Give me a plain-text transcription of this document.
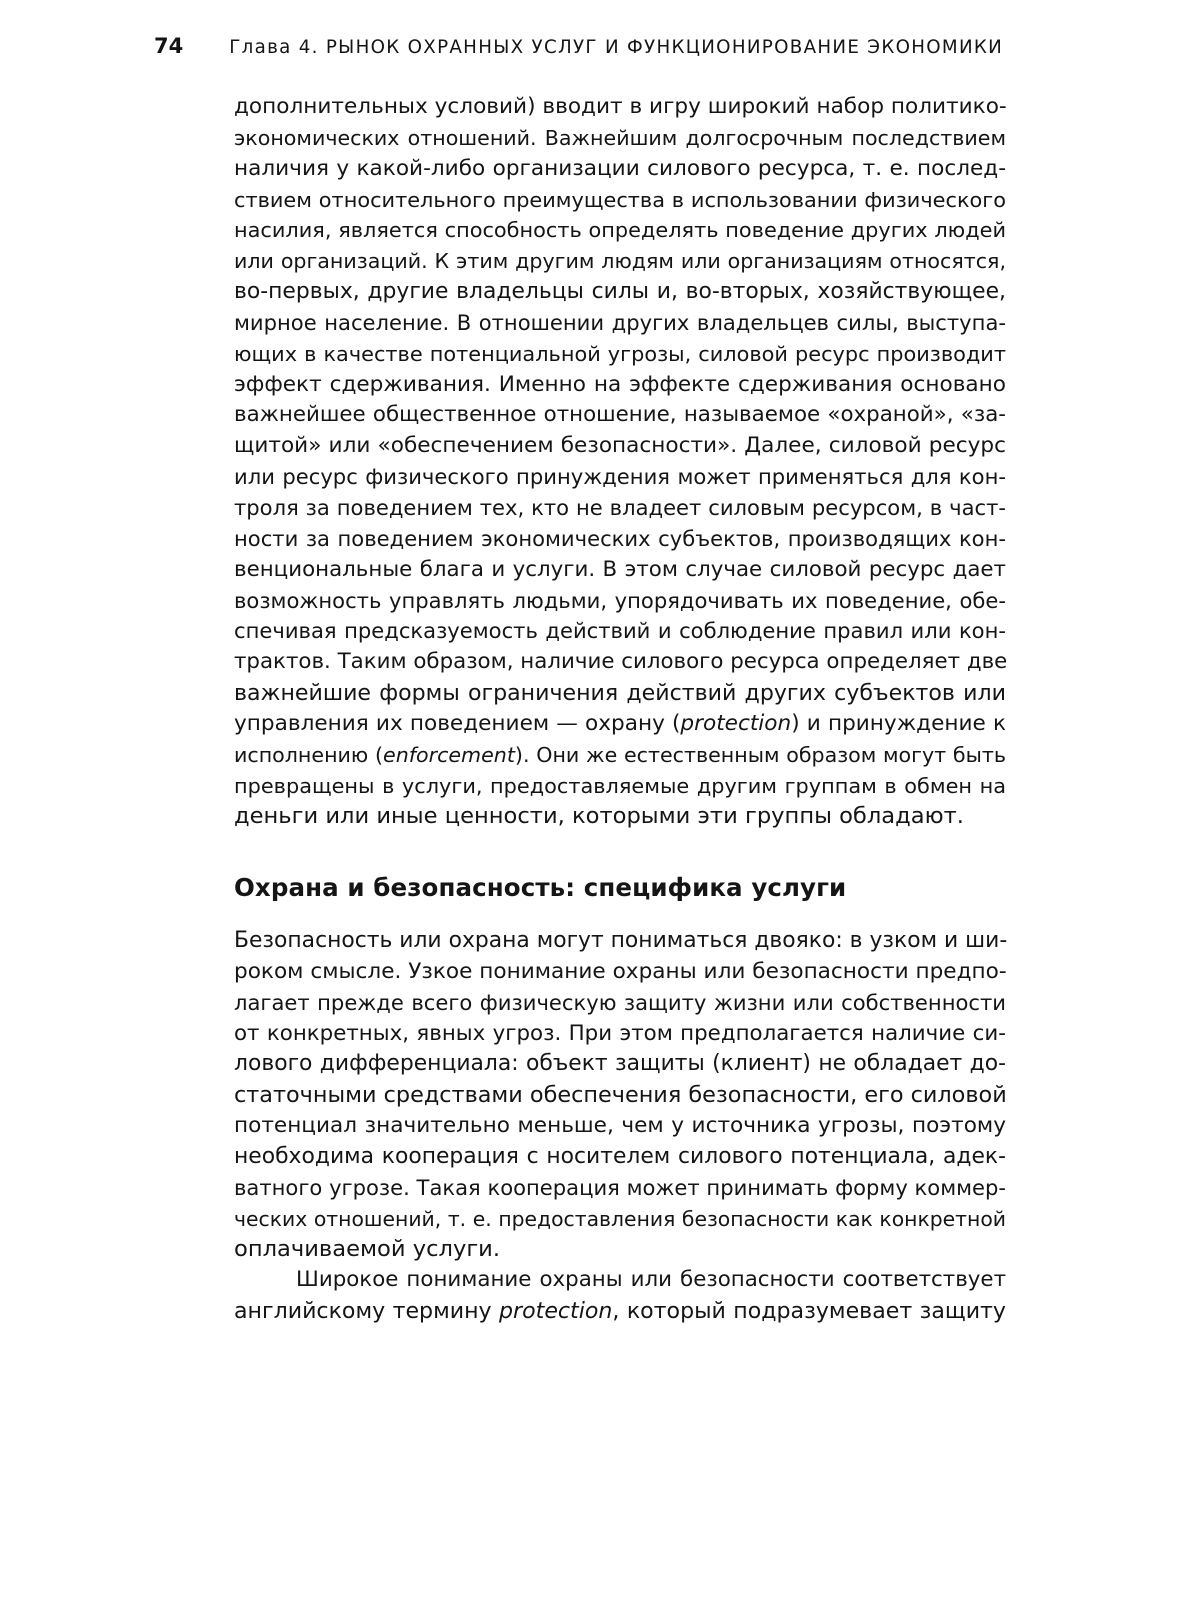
74	Глава 4. РЫНОК ОХРАННЫХ УСЛУГ И ФУНКЦИОНИРОВАНИЕ ЭКОНОМИКИ
дополнительных условий) вводит в игру широкий набор политико-
экономических отношений. Важнейшим долгосрочным последствием
наличия у какой-либо организации силового ресурса, т. е. послед-
ствием относительного преимущества в использовании физического
насилия, является способность определять поведение других людей
или организаций. К этим другим людям или организациям относятся,
во-первых, другие владельцы силы и, во-вторых, хозяйствующее,
мирное население. В отношении других владельцев силы, выступа-
ющих в качестве потенциальной угрозы, силовой ресурс производит
эффект сдерживания. Именно на эффекте сдерживания основано
важнейшее общественное отношение, называемое «охраной», «за-
щитой» или «обеспечением безопасности». Далее, силовой ресурс
или ресурс физического принуждения может применяться для кон-
троля за поведением тех, кто не владеет силовым ресурсом, в част-
ности за поведением экономических субъектов, производящих кон-
венциональные блага и услуги. В этом случае силовой ресурс дает
возможность управлять людьми, упорядочивать их поведение, обе-
спечивая предсказуемость действий и соблюдение правил или кон-
трактов. Таким образом, наличие силового ресурса определяет две
важнейшие формы ограничения действий других субъектов или
управления их поведением — охрану (protection) и принуждение к
исполнению (enforcement). Они же естественным образом могут быть
превращены в услуги, предоставляемые другим группам в обмен на
деньги или иные ценности, которыми эти группы обладают.
Охрана и безопасность: специфика услуги
Безопасность или охрана могут пониматься двояко: в узком и ши-
роком смысле. Узкое понимание охраны или безопасности предпо-
лагает прежде всего физическую защиту жизни или собственности
от конкретных, явных угроз. При этом предполагается наличие си-
лового дифференциала: объект защиты (клиент) не обладает до-
статочными средствами обеспечения безопасности, его силовой
потенциал значительно меньше, чем у источника угрозы, поэтому
необходима кооперация с носителем силового потенциала, адек-
ватного угрозе. Такая кооперация может принимать форму коммер-
ческих отношений, т. е. предоставления безопасности как конкретной
оплачиваемой услуги.
Широкое понимание охраны или безопасности соответствует
английскому термину protection, который подразумевает защиту
